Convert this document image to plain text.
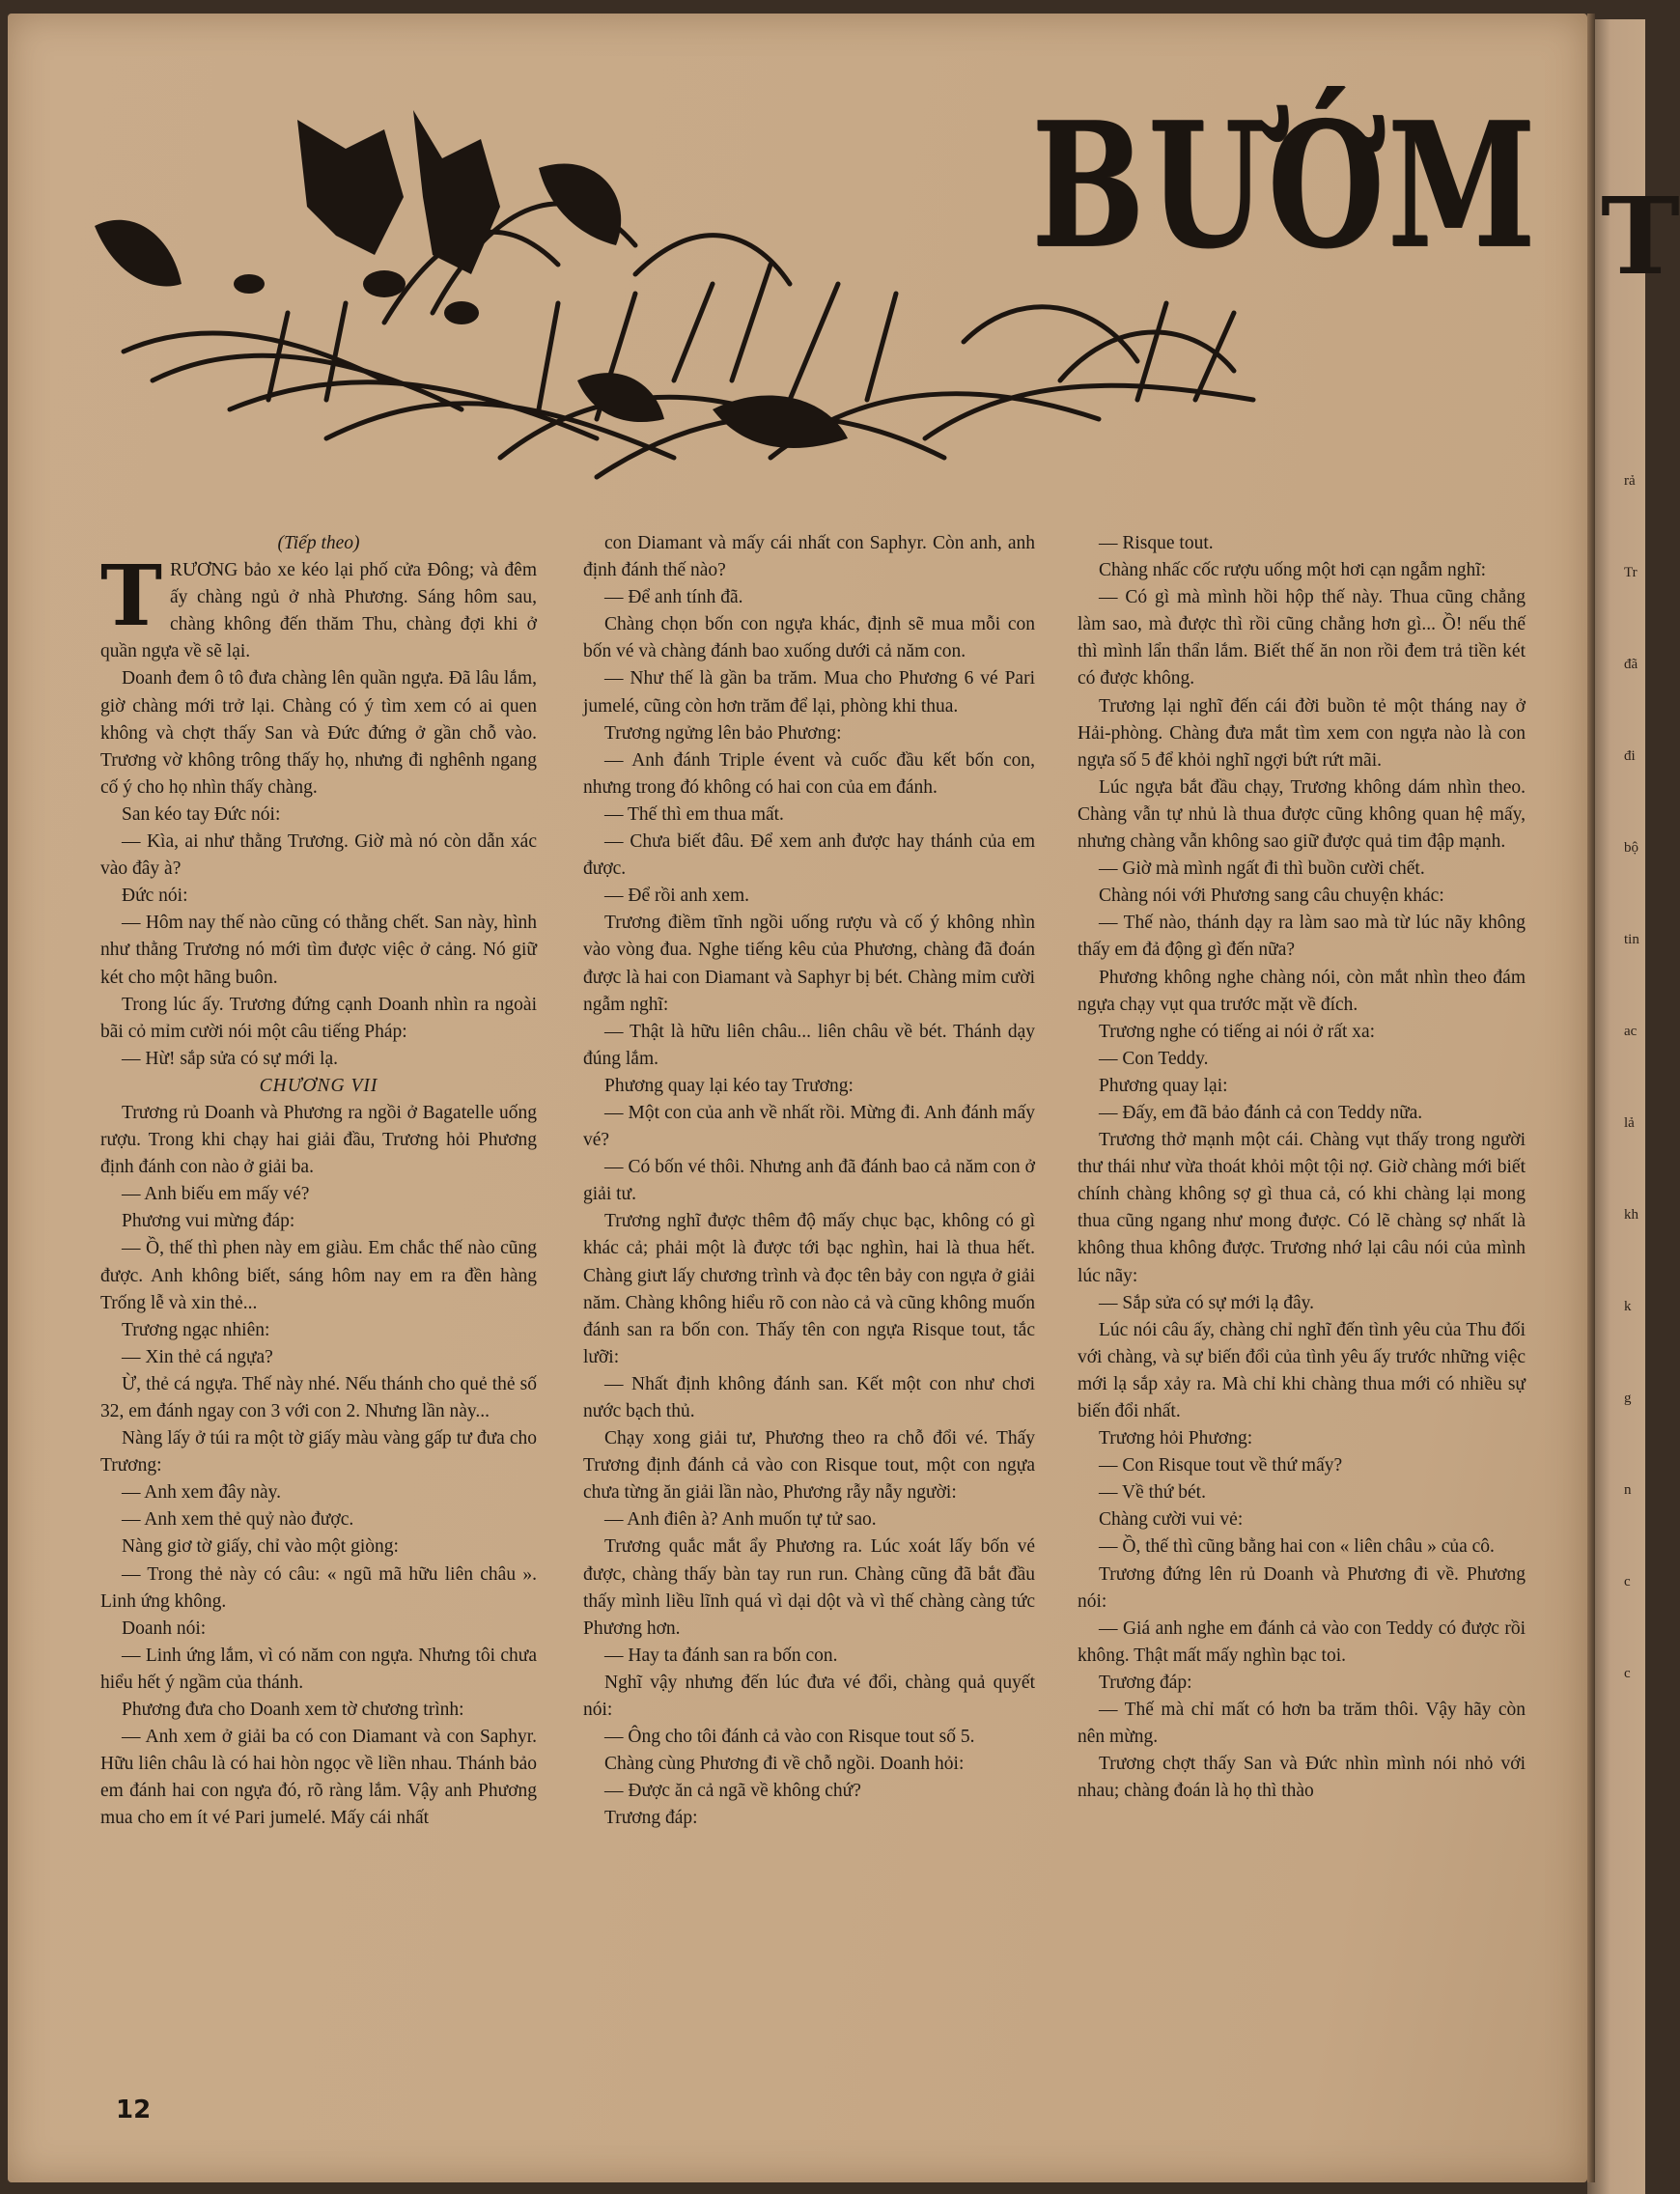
T
rả
Tr
đã
đi
bộ
tin
ac
lả
kh
k
g
n
c
c
BƯỚM

(Tiếp theo)

TRƯƠNG bảo xe kéo lại phố cửa Đông; và đêm ấy chàng ngủ ở nhà Phương. Sáng hôm sau, chàng không đến thăm Thu, chàng đợi khi ở quần ngựa về sẽ lại.

Doanh đem ô tô đưa chàng lên quần ngựa. Đã lâu lắm, giờ chàng mới trở lại. Chàng có ý tìm xem có ai quen không và chợt thấy San và Đức đứng ở gần chỗ vào. Trương vờ không trông thấy họ, nhưng đi nghênh ngang cố ý cho họ nhìn thấy chàng.

San kéo tay Đức nói:

— Kìa, ai như thằng Trương. Giờ mà nó còn dẫn xác vào đây à?

Đức nói:

— Hôm nay thế nào cũng có thằng chết. San này, hình như thằng Trương nó mới tìm được việc ở cảng. Nó giữ két cho một hãng buôn.

Trong lúc ấy. Trương đứng cạnh Doanh nhìn ra ngoài bãi cỏ mỉm cười nói một câu tiếng Pháp:

— Hừ! sắp sửa có sự mới lạ.

CHƯƠNG VII

Trương rủ Doanh và Phương ra ngồi ở Bagatelle uống rượu. Trong khi chạy hai giải đầu, Trương hỏi Phương định đánh con nào ở giải ba.

— Anh biếu em mấy vé?

Phương vui mừng đáp:

— Ồ, thế thì phen này em giàu. Em chắc thế nào cũng được. Anh không biết, sáng hôm nay em ra đền hàng Trống lễ và xin thẻ...

Trương ngạc nhiên:

— Xin thẻ cá ngựa?

Ừ, thẻ cá ngựa. Thế này nhé. Nếu thánh cho quẻ thẻ số 32, em đánh ngay con 3 với con 2. Nhưng lần này...

Nàng lấy ở túi ra một tờ giấy màu vàng gấp tư đưa cho Trương:

— Anh xem đây này.

— Anh xem thẻ quỷ nào được.

Nàng giơ tờ giấy, chỉ vào một giòng:

— Trong thẻ này có câu: « ngũ mã hữu liên châu ». Linh ứng không.

Doanh nói:

— Linh ứng lắm, vì có năm con ngựa. Nhưng tôi chưa hiểu hết ý ngầm của thánh.

Phương đưa cho Doanh xem tờ chương trình:

— Anh xem ở giải ba có con Diamant và con Saphyr. Hữu liên châu là có hai hòn ngọc về liền nhau. Thánh bảo em đánh hai con ngựa đó, rõ ràng lắm. Vậy anh Phương mua cho em ít vé Pari jumelé. Mấy cái nhất

con Diamant và mấy cái nhất con Saphyr. Còn anh, anh định đánh thế nào?

— Để anh tính đã.

Chàng chọn bốn con ngựa khác, định sẽ mua mỗi con bốn vé và chàng đánh bao xuống dưới cả năm con.

— Như thế là gần ba trăm. Mua cho Phương 6 vé Pari jumelé, cũng còn hơn trăm để lại, phòng khi thua.

Trương ngửng lên bảo Phương:

— Anh đánh Triple évent và cuốc đầu kết bốn con, nhưng trong đó không có hai con của em đánh.

— Thế thì em thua mất.

— Chưa biết đâu. Để xem anh được hay thánh của em được.

— Để rồi anh xem.

Trương điềm tĩnh ngồi uống rượu và cố ý không nhìn vào vòng đua. Nghe tiếng kêu của Phương, chàng đã đoán được là hai con Diamant và Saphyr bị bét. Chàng mỉm cười ngẫm nghĩ:

— Thật là hữu liên châu... liên châu về bét. Thánh dạy đúng lắm.

Phương quay lại kéo tay Trương:

— Một con của anh về nhất rồi. Mừng đi. Anh đánh mấy vé?

— Có bốn vé thôi. Nhưng anh đã đánh bao cả năm con ở giải tư.

Trương nghĩ được thêm độ mấy chục bạc, không có gì khác cả; phải một là được tới bạc nghìn, hai là thua hết. Chàng giưt lấy chương trình và đọc tên bảy con ngựa ở giải năm. Chàng không hiểu rõ con nào cả và cũng không muốn đánh san ra bốn con. Thấy tên con ngựa Risque tout, tắc lưỡi:

— Nhất định không đánh san. Kết một con như chơi nước bạch thủ.

Chạy xong giải tư, Phương theo ra chỗ đổi vé. Thấy Trương định đánh cả vào con Risque tout, một con ngựa chưa từng ăn giải lần nào, Phương rẫy nẫy người:

— Anh điên à? Anh muốn tự tử sao.

Trương quắc mắt ẩy Phương ra. Lúc xoát lấy bốn vé được, chàng thấy bàn tay run run. Chàng cũng đã bắt đầu thấy mình liều lĩnh quá vì dại dột và vì thế chàng càng tức Phương hơn.

— Hay ta đánh san ra bốn con.

Nghĩ vậy nhưng đến lúc đưa vé đổi, chàng quả quyết nói:

— Ông cho tôi đánh cả vào con Risque tout số 5.

Chàng cùng Phương đi về chỗ ngồi. Doanh hỏi:

— Được ăn cả ngã về không chứ?

Trương đáp:

— Risque tout.

Chàng nhấc cốc rượu uống một hơi cạn ngẫm nghĩ:

— Có gì mà mình hồi hộp thế này. Thua cũng chẳng làm sao, mà được thì rồi cũng chẳng hơn gì... Ồ! nếu thế thì mình lẩn thẩn lắm. Biết thế ăn non rồi đem trả tiền két có được không.

Trương lại nghĩ đến cái đời buồn tẻ một tháng nay ở Hải-phòng. Chàng đưa mắt tìm xem con ngựa nào là con ngựa số 5 để khỏi nghĩ ngợi bứt rứt mãi.

Lúc ngựa bắt đầu chạy, Trương không dám nhìn theo. Chàng vẫn tự nhủ là thua được cũng không quan hệ mấy, nhưng chàng vẫn không sao giữ được quả tim đập mạnh.

— Giờ mà mình ngất đi thì buồn cười chết.

Chàng nói với Phương sang câu chuyện khác:

— Thế nào, thánh dạy ra làm sao mà từ lúc nãy không thấy em đả động gì đến nữa?

Phương không nghe chàng nói, còn mắt nhìn theo đám ngựa chạy vụt qua trước mặt về đích.

Trương nghe có tiếng ai nói ở rất xa:

— Con Teddy.

Phương quay lại:

— Đấy, em đã bảo đánh cả con Teddy nữa.

Trương thở mạnh một cái. Chàng vụt thấy trong người thư thái như vừa thoát khỏi một tội nợ. Giờ chàng mới biết chính chàng không sợ gì thua cả, có khi chàng lại mong thua cũng ngang như mong được. Có lẽ chàng sợ nhất là không thua không được. Trương nhớ lại câu nói của mình lúc nãy:

— Sắp sửa có sự mới lạ đây.

Lúc nói câu ấy, chàng chỉ nghĩ đến tình yêu của Thu đối với chàng, và sự biến đổi của tình yêu ấy trước những việc mới lạ sắp xảy ra. Mà chỉ khi chàng thua mới có nhiều sự biến đổi nhất.

Trương hỏi Phương:

— Con Risque tout về thứ mấy?

— Về thứ bét.

Chàng cười vui vẻ:

— Ồ, thế thì cũng bằng hai con « liên châu » của cô.

Trương đứng lên rủ Doanh và Phương đi về. Phương nói:

— Giá anh nghe em đánh cả vào con Teddy có được rồi không. Thật mất mấy nghìn bạc toi.

Trương đáp:

— Thế mà chỉ mất có hơn ba trăm thôi. Vậy hãy còn nên mừng.

Trương chợt thấy San và Đức nhìn mình nói nhỏ với nhau; chàng đoán là họ thì thào

12
